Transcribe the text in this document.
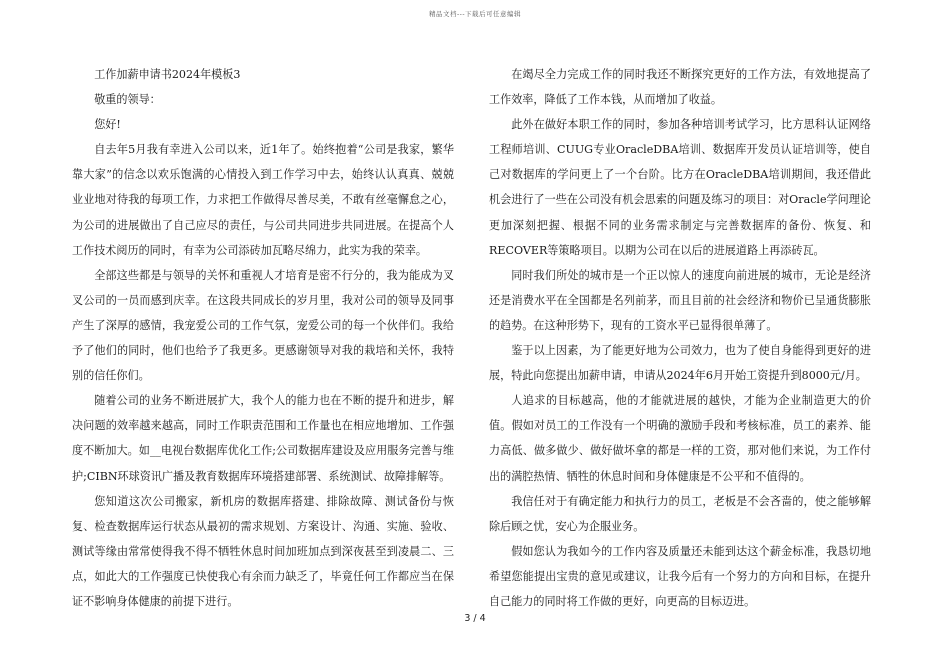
精品文档---下载后可任意编辑

工作加薪申请书2024年模板3

敬重的领导：

您好!

自去年5月我有幸进入公司以来，近1年了。始终抱着“公司是我家，繁华靠大家”的信念以欢乐饱满的心情投入到工作学习中去，始终认认真真、兢兢业业地对待我的每项工作，力求把工作做得尽善尽美，不敢有丝毫懈怠之心，为公司的进展做出了自己应尽的责任，与公司共同进步共同进展。在提高个人工作技术阅历的同时，有幸为公司添砖加瓦略尽绵力，此实为我的荣幸。

全部这些都是与领导的关怀和重视人才培育是密不行分的，我为能成为叉叉公司的一员而感到庆幸。在这段共同成长的岁月里，我对公司的领导及同事产生了深厚的感情，我宠爱公司的工作气氛，宠爱公司的每一个伙伴们。我给予了他们的同时，他们也给予了我更多。更感谢领导对我的栽培和关怀，我特别的信任你们。

随着公司的业务不断进展扩大，我个人的能力也在不断的提升和进步，解决问题的效率越来越高，同时工作职责范围和工作量也在相应地增加、工作强度不断加大。如__电视台数据库优化工作;公司数据库建设及应用服务完善与维护;CIBN环球资讯广播及教育数据库环境搭建部署、系统测试、故障排解等。

您知道这次公司搬家，新机房的数据库搭建、排除故障、测试备份与恢复、检查数据库运行状态从最初的需求规划、方案设计、沟通、实施、验收、测试等缘由常常使得我不得不牺牲休息时间加班加点到深夜甚至到凌晨二、三点，如此大的工作强度已快使我心有余而力缺乏了，毕竟任何工作都应当在保证不影响身体健康的前提下进行。

在竭尽全力完成工作的同时我还不断探究更好的工作方法，有效地提高了工作效率，降低了工作本钱，从而增加了收益。

此外在做好本职工作的同时，参加各种培训考试学习，比方思科认证网络工程师培训、CUUG专业OracleDBA培训、数据库开发员认证培训等，使自己对数据库的学问更上了一个台阶。比方在OracleDBA培训期间，我还借此机会进行了一些在公司没有机会思索的问题及练习的项目：对Oracle学问理论更加深刻把握、根据不同的业务需求制定与完善数据库的备份、恢复、和RECOVER等策略项目。以期为公司在以后的进展道路上再添砖瓦。

同时我们所处的城市是一个正以惊人的速度向前进展的城市，无论是经济还是消费水平在全国都是名列前茅，而且目前的社会经济和物价已呈通货膨胀的趋势。在这种形势下，现有的工资水平已显得很单薄了。

鉴于以上因素，为了能更好地为公司效力，也为了使自身能得到更好的进展，特此向您提出加薪申请，申请从2024年6月开始工资提升到8000元/月。

人追求的目标越高，他的才能就进展的越快，才能为企业制造更大的价值。假如对员工的工作没有一个明确的激励手段和考核标准，员工的素养、能力高低、做多做少、做好做坏拿的都是一样的工资，那对他们来说，为工作付出的满腔热情、牺牲的休息时间和身体健康是不公平和不值得的。

我信任对于有确定能力和执行力的员工，老板是不会吝啬的，使之能够解除后顾之忧，安心为企服业务。

假如您认为我如今的工作内容及质量还未能到达这个薪金标准，我恳切地希望您能提出宝贵的意见或建议，让我今后有一个努力的方向和目标，在提升自己能力的同时将工作做的更好，向更高的目标迈进。

3 / 4
